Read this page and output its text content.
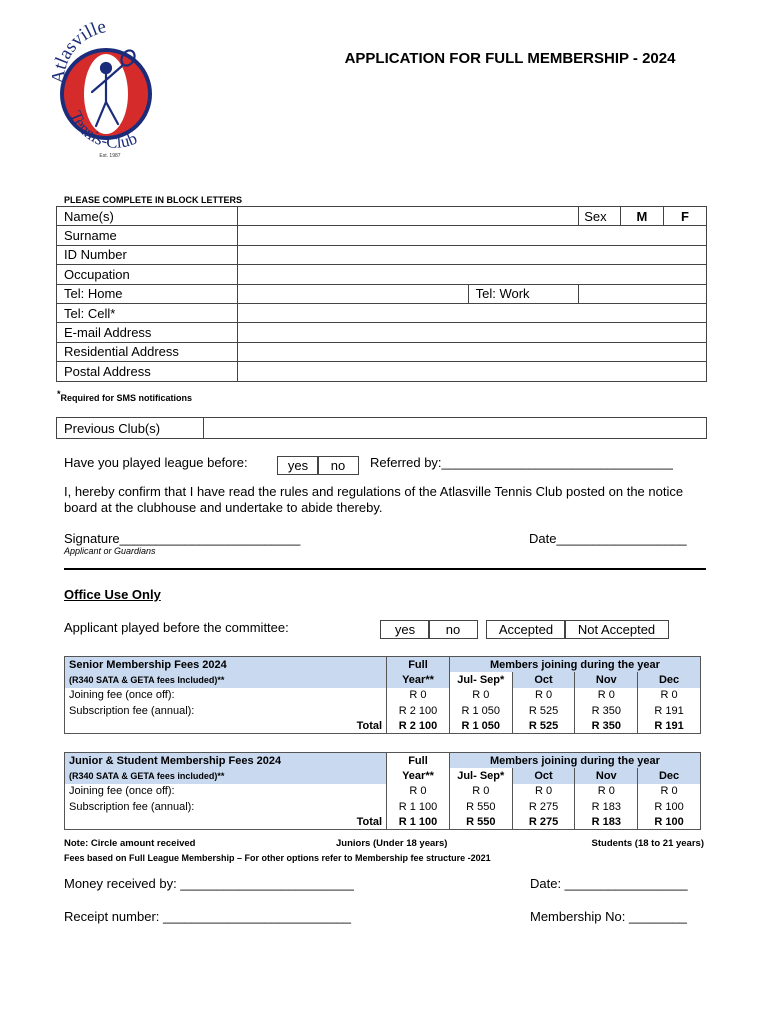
lasville
Tennis-Club
Est. 1987
APPLICATION FOR FULL MEMBERSHIP - 2024
PLEASE COMPLETE IN BLOCK LETTERS
Name(s)			Sex	M	F
Surname					
ID Number					
Occupation					
Tel: Home		Tel: Work			
Tel: Cell*					
E-mail Address					
Residential Address					
Postal Address					
*Required for SMS notifications
Previous Club(s)	
Have you played league before:	yes	no	Referred by:________________________________
I, hereby confirm that I have read the rules and regulations of the Atlasville Tennis Club posted on the notice board at the clubhouse and undertake to abide thereby.
Signature_________________________	Date__________________
Applicant or Guardians
Office Use Only
Applicant played before the committee:	yes	no	Accepted	Not Accepted
Senior Membership Fees 2024	Full	Members joining during the year			
(R340 SATA & GETA fees Included)**	Year**	Jul- Sep*	Oct	Nov	Dec
Joining fee (once off):	R 0	R 0	R 0	R 0	R 0
Subscription fee (annual):	R 2 100	R 1 050	R 525	R 350	R 191
Total	R 2 100	R 1 050	R 525	R 350	R 191
Junior & Student Membership Fees 2024	Full	Members joining during the year			
(R340 SATA & GETA fees included)**	Year**	Jul- Sep*	Oct	Nov	Dec
Joining fee (once off):	R 0	R 0	R 0	R 0	R 0
Subscription fee (annual):	R 1 100	R 550	R 275	R 183	R 100
Total	R 1 100	R 550	R 275	R 183	R 100
Note: Circle amount received	Juniors (Under 18 years)	Students (18 to 21 years)
Fees based on Full League Membership – For other options refer to Membership fee structure -2021
Money received by: ________________________	Date: _________________
Receipt number: __________________________	Membership No: ________
